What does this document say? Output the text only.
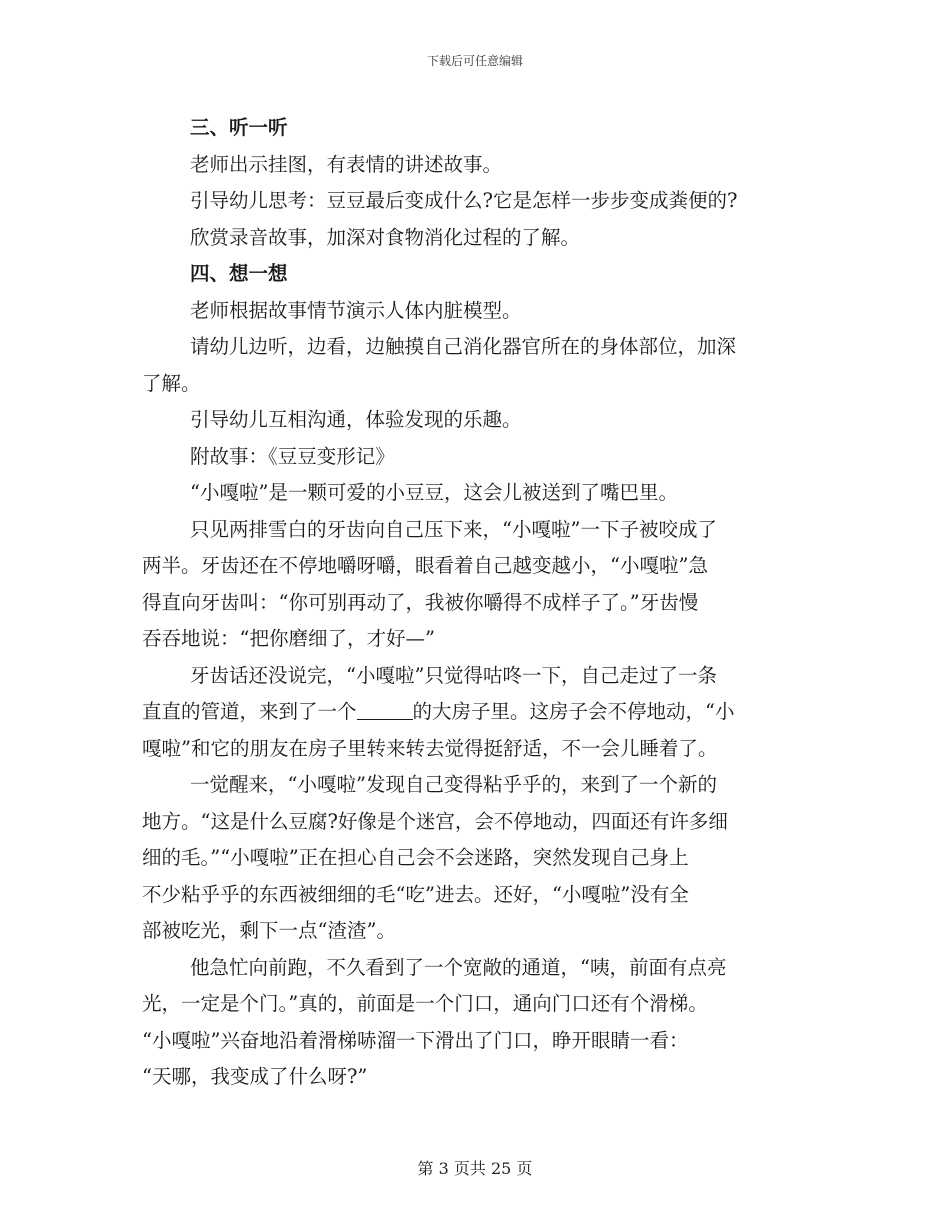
下载后可任意编辑
三、听一听
老师出示挂图，有表情的讲述故事。
引导幼儿思考：豆豆最后变成什么?它是怎样一步步变成粪便的?
欣赏录音故事，加深对食物消化过程的了解。
四、想一想
老师根据故事情节演示人体内脏模型。
请幼儿边听，边看，边触摸自己消化器官所在的身体部位，加深
了解。
引导幼儿互相沟通，体验发现的乐趣。
附故事：《豆豆变形记》
“小嘎啦”是一颗可爱的小豆豆，这会儿被送到了嘴巴里。
只见两排雪白的牙齿向自己压下来，“小嘎啦”一下子被咬成了
两半。牙齿还在不停地嚼呀嚼，眼看着自己越变越小，“小嘎啦”急
得直向牙齿叫：“你可别再动了，我被你嚼得不成样子了。”牙齿慢
吞吞地说：“把你磨细了，才好—”
牙齿话还没说完，“小嘎啦”只觉得咕咚一下，自己走过了一条
直直的管道，来到了一个	的大房子里。这房子会不停地动，“小
嘎啦”和它的朋友在房子里转来转去觉得挺舒适，不一会儿睡着了。
一觉醒来，“小嘎啦”发现自己变得粘乎乎的，来到了一个新的
地方。“这是什么豆腐?好像是个迷宫，会不停地动，四面还有许多细
细的毛。”“小嘎啦”正在担心自己会不会迷路，突然发现自己身上
不少粘乎乎的东西被细细的毛“吃”进去。还好，“小嘎啦”没有全
部被吃光，剩下一点“渣渣”。
他急忙向前跑，不久看到了一个宽敞的通道，“咦，前面有点亮
光，一定是个门。”真的，前面是一个门口，通向门口还有个滑梯。
“小嘎啦”兴奋地沿着滑梯哧溜一下滑出了门口，睁开眼睛一看：
“天哪，我变成了什么呀?”
第 3 页共 25 页
